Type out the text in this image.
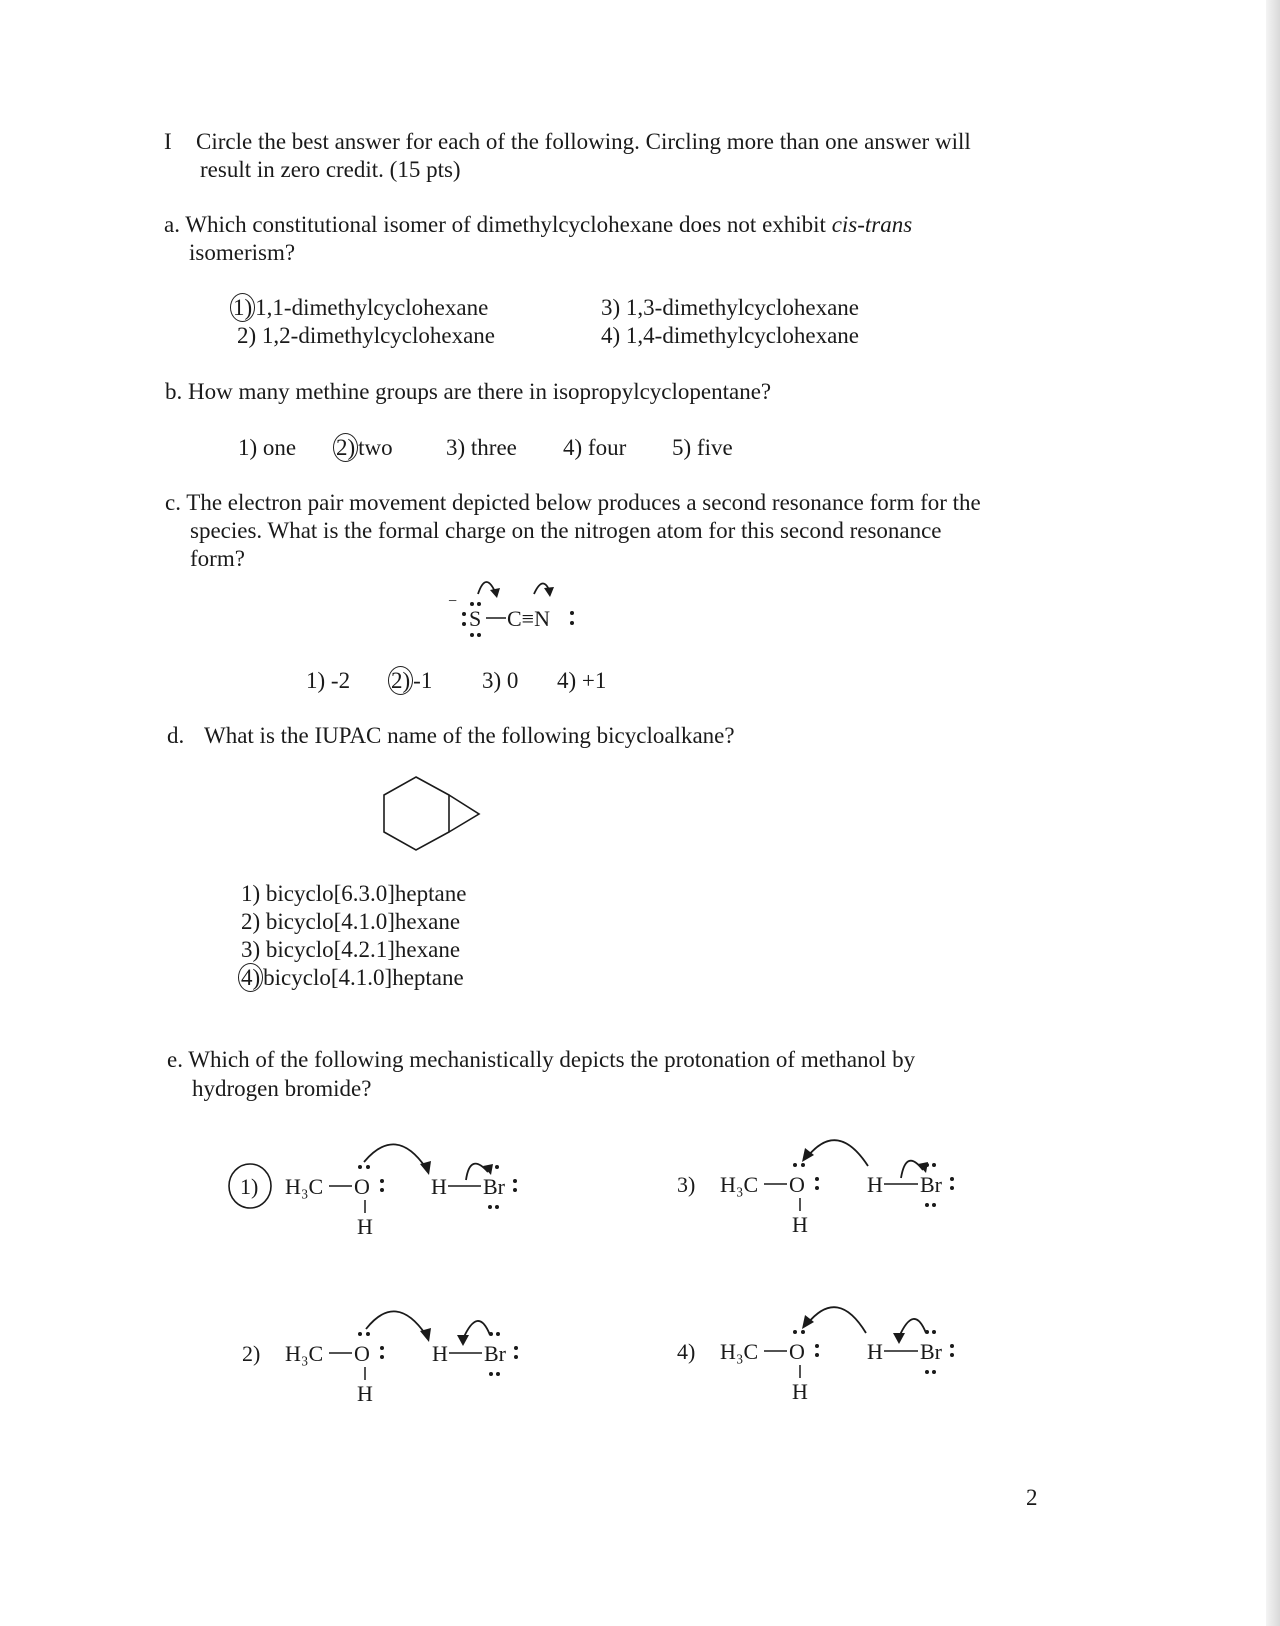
I Circle the best answer for each of the following. Circling more than one answer will
result in zero credit. (15 pts)
a. Which constitutional isomer of dimethylcyclohexane does not exhibit cis-trans
isomerism?
1) 1,1-dimethylcyclohexane
2) 1,2-dimethylcyclohexane
3) 1,3-dimethylcyclohexane
4) 1,4-dimethylcyclohexane
b. How many methine groups are there in isopropylcyclopentane?
1) one 2) two 3) three 4) four 5) five
c. The electron pair movement depicted below produces a second resonance form for the
species. What is the formal charge on the nitrogen atom for this second resonance
form?
−
S C≡N
1) -2 2) -1 3) 0 4) +1
d. What is the IUPAC name of the following bicycloalkane?
1) bicyclo[6.3.0]heptane
2) bicyclo[4.1.0]hexane
3) bicyclo[4.2.1]hexane
4) bicyclo[4.1.0]heptane
e. Which of the following mechanistically depicts the protonation of methanol by
hydrogen bromide?
1) H₃C O
H
H Br	3) H₃C O
H
H Br
2) H₃C O
H
H Br	4) H₃C O
H
H Br
2
